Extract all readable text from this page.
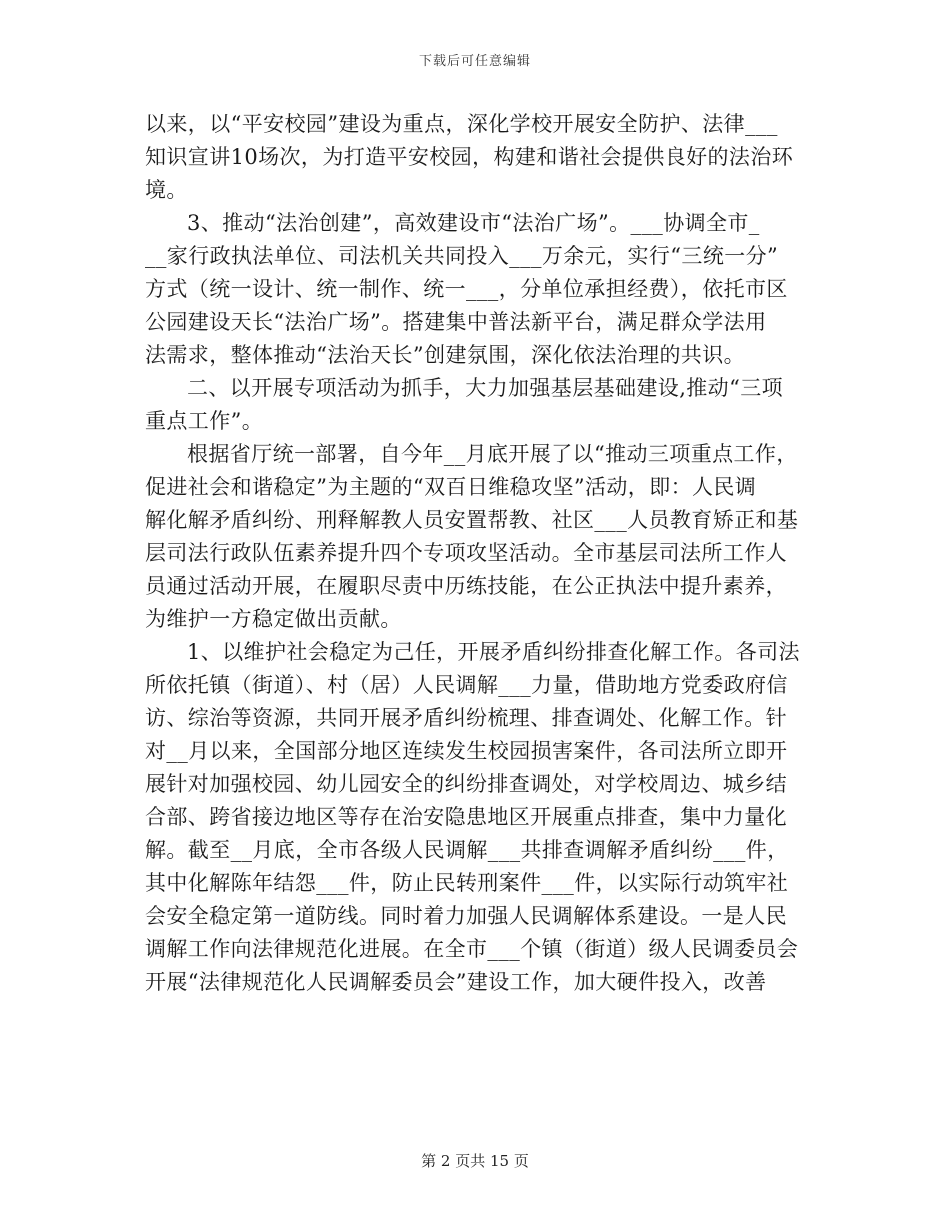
下载后可任意编辑
以来，以“平安校园”建设为重点，深化学校开展安全防护、法律___
知识宣讲10场次，为打造平安校园，构建和谐社会提供良好的法治环
境。
3、推动“法治创建”，高效建设市“法治广场”。___协调全市_
__家行政执法单位、司法机关共同投入___万余元，实行“三统一分”
方式（统一设计、统一制作、统一___，分单位承担经费），依托市区
公园建设天长“法治广场”。搭建集中普法新平台，满足群众学法用
法需求，整体推动“法治天长”创建氛围，深化依法治理的共识。
二、以开展专项活动为抓手，大力加强基层基础建设,推动“三项
重点工作”。
根据省厅统一部署，自今年__月底开展了以“推动三项重点工作，
促进社会和谐稳定”为主题的“双百日维稳攻坚”活动，即：人民调
解化解矛盾纠纷、刑释解教人员安置帮教、社区___人员教育矫正和基
层司法行政队伍素养提升四个专项攻坚活动。全市基层司法所工作人
员通过活动开展，在履职尽责中历练技能，在公正执法中提升素养，
为维护一方稳定做出贡献。
1、以维护社会稳定为己任，开展矛盾纠纷排查化解工作。各司法
所依托镇（街道）、村（居）人民调解___力量，借助地方党委政府信
访、综治等资源，共同开展矛盾纠纷梳理、排查调处、化解工作。针
对__月以来，全国部分地区连续发生校园损害案件，各司法所立即开
展针对加强校园、幼儿园安全的纠纷排查调处，对学校周边、城乡结
合部、跨省接边地区等存在治安隐患地区开展重点排查，集中力量化
解。截至__月底，全市各级人民调解___共排查调解矛盾纠纷___件，
其中化解陈年结怨___件，防止民转刑案件___件，以实际行动筑牢社
会安全稳定第一道防线。同时着力加强人民调解体系建设。一是人民
调解工作向法律规范化进展。在全市___个镇（街道）级人民调委员会
开展“法律规范化人民调解委员会”建设工作，加大硬件投入，改善
第 2 页共 15 页
